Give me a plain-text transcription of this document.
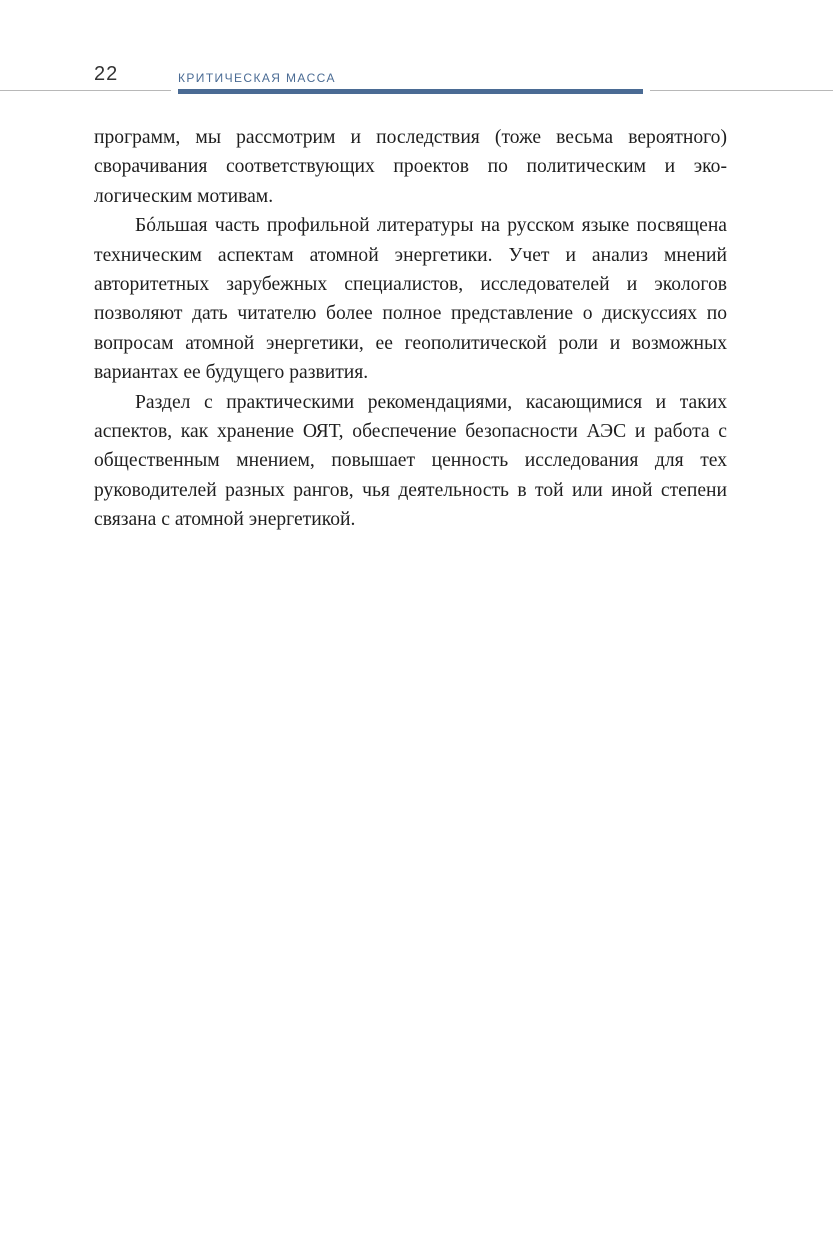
22	КРИТИЧЕСКАЯ МАССА

программ, мы рассмотрим и последствия (тоже весьма вероятного) сворачивания соответствующих проектов по политическим и экологическим мотивам.

Бóльшая часть профильной литературы на русском языке посвящена техническим аспектам атомной энергетики. Учет и анализ мнений авторитетных зарубежных специалистов, исследователей и экологов позволяют дать читателю более полное представление о дискуссиях по вопросам атомной энергетики, ее геополитической роли и возможных вариантах ее будущего развития.

Раздел с практическими рекомендациями, касающимися и таких аспектов, как хранение ОЯТ, обеспечение безопасности АЭС и работа с общественным мнением, повышает ценность исследования для тех руководителей разных рангов, чья деятельность в той или иной степени связана с атомной энергетикой.
